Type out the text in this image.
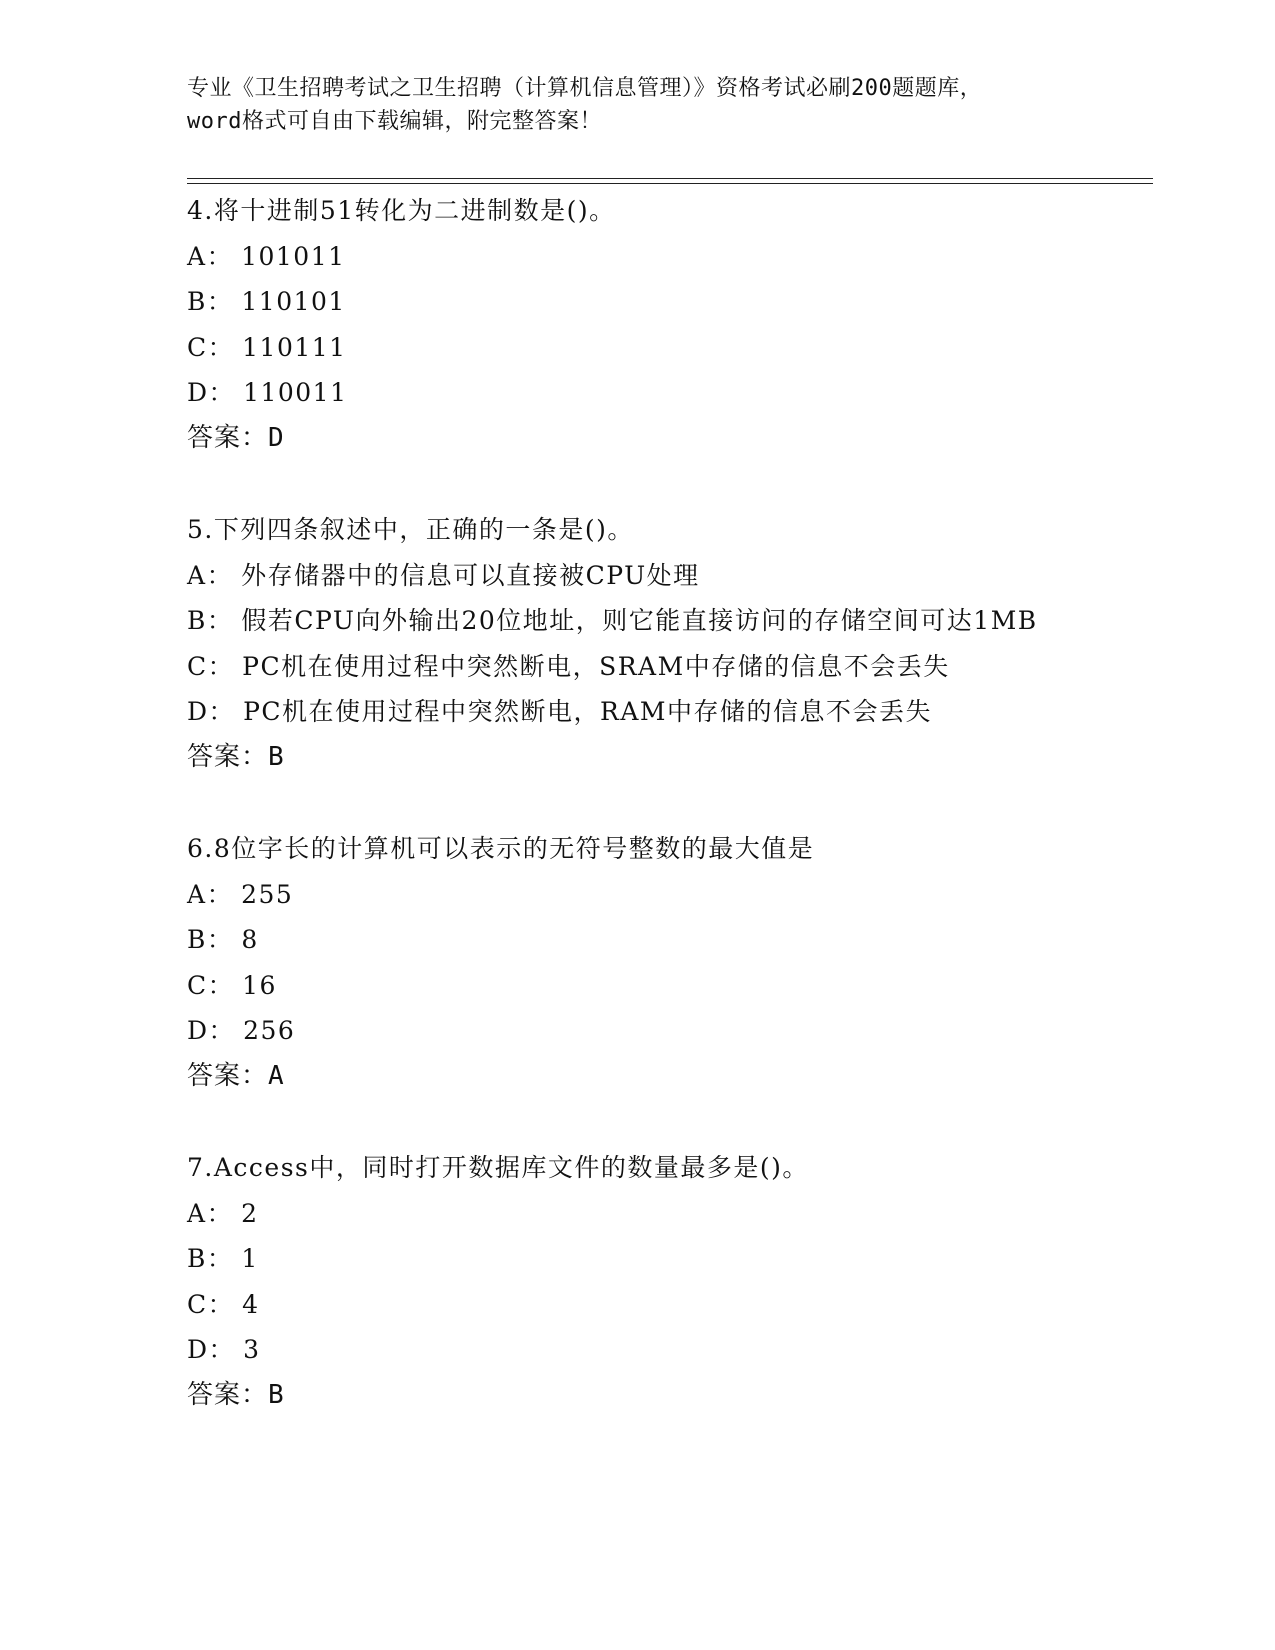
专业《卫生招聘考试之卫生招聘（计算机信息管理）》资格考试必刷200题题库，
word格式可自由下载编辑，附完整答案！
4.将十进制51转化为二进制数是()。
A： 101011
B： 110101
C： 110111
D： 110011
答案：D
5.下列四条叙述中，正确的一条是()。
A： 外存储器中的信息可以直接被CPU处理
B： 假若CPU向外输出20位地址，则它能直接访问的存储空间可达1MB
C： PC机在使用过程中突然断电，SRAM中存储的信息不会丢失
D： PC机在使用过程中突然断电，RAM中存储的信息不会丢失
答案：B
6.8位字长的计算机可以表示的无符号整数的最大值是
A： 255
B： 8
C： 16
D： 256
答案：A
7.Access中，同时打开数据库文件的数量最多是()。
A： 2
B： 1
C： 4
D： 3
答案：B
